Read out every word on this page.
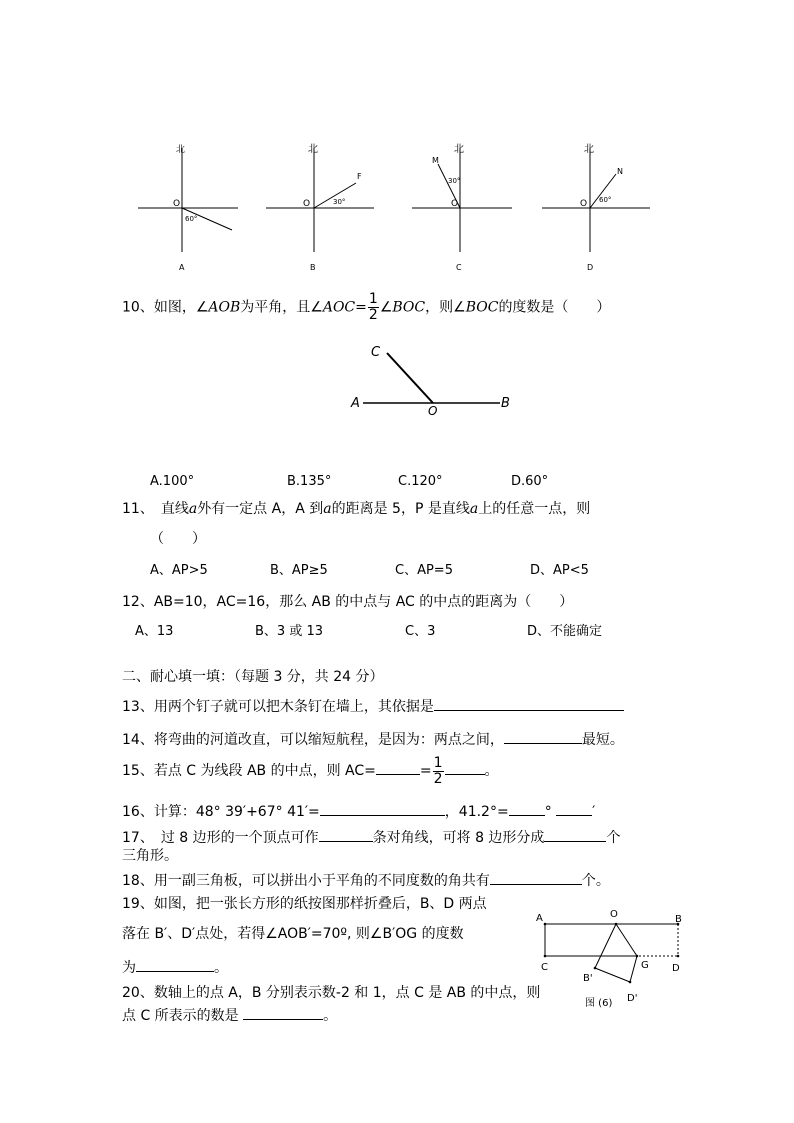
北
O
60°
A
北
O	30°
F
B
北
O
30°
M
C
北
O 60°
N
D
10、如图，∠AOB为平角，且∠AOC= $\frac{1}{2}$ ∠BOC，则∠BOC的度数是（　　）
A	B
C
O
A.100°	B.135°	C.120°	D.60°
11、　直线a外有一定点 A，A 到a的距离是 5，P 是直线a上的任意一点，则
（　　）
A、AP>5	B、AP≥5	C、AP=5	D、AP<5
12、AB=10，AC=16，那么 AB 的中点与 AC 的中点的距离为（　　）
A、13	B、3 或 13	C、3	D、不能确定
二、耐心填一填：（每题 3 分，共 24 分）
13、用两个钉子就可以把木条钉在墙上，其依据是
14、将弯曲的河道改直，可以缩短航程，是因为：两点之间，	最短。
15、若点 C 为线段 AB 的中点，则 AC=	= $\frac{1}{2}$	。
16、计算：48° 39′+67° 41′=	，41.2°=	°	′
17、　过 8 边形的一个顶点可作	条对角线，可将 8 边形分成	个
三角形。
18、用一副三角板，可以拼出小于平角的不同度数的角共有	个。
19、如图，把一张长方形的纸按图那样折叠后，B、D 两点
落在 B′、D′点处，若得∠AOB′=70º, 则∠B′OG 的度数
为	。
A	O	B
C	G D
B'
D'
图 (6)
20、数轴上的点 A，B 分别表示数-2 和 1，点 C 是 AB 的中点，则
点 C 所表示的数是	。
